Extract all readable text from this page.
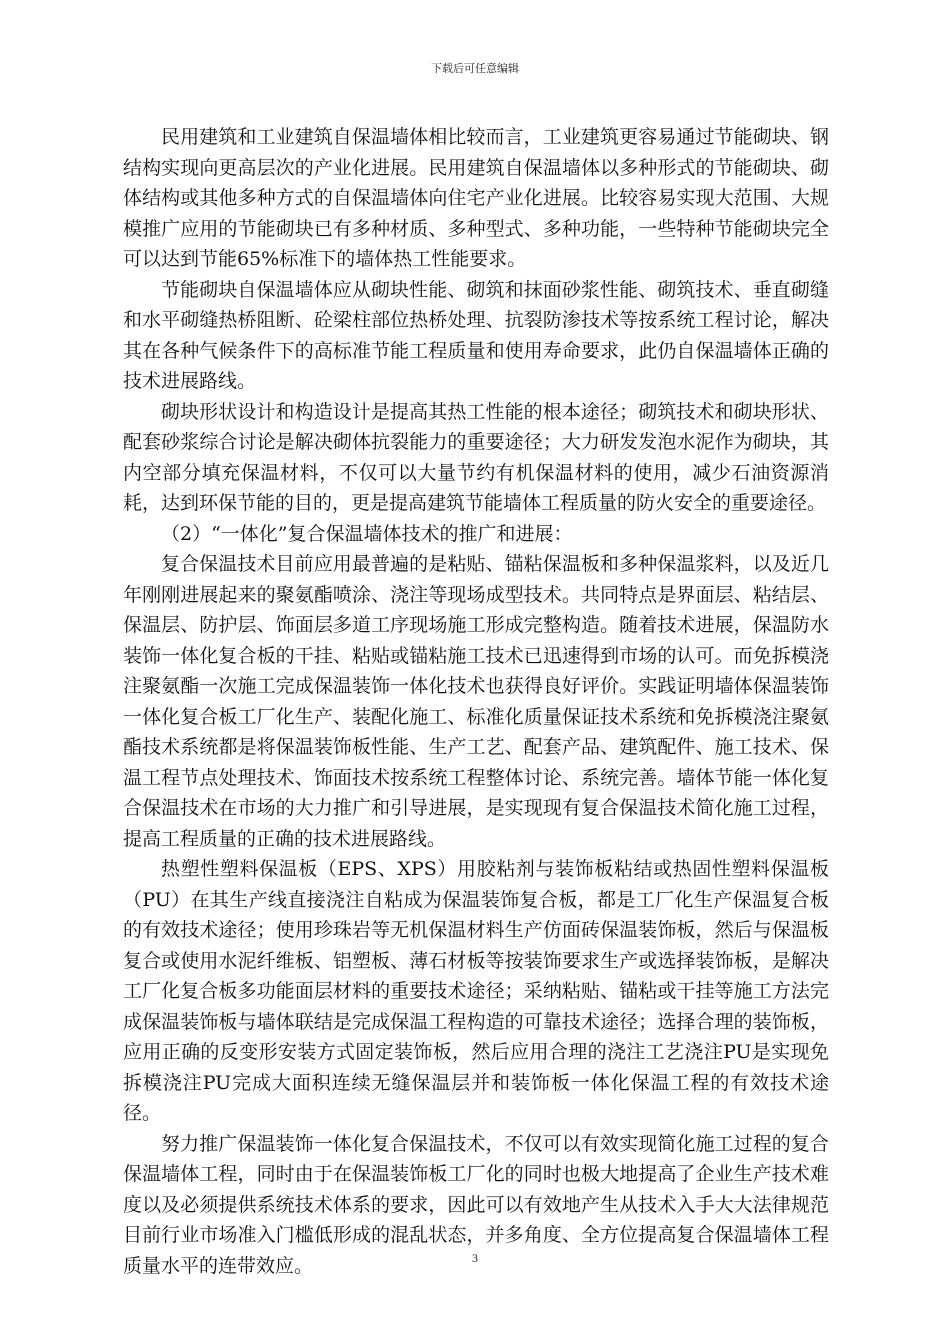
下载后可任意编辑

民用建筑和工业建筑自保温墙体相比较而言，工业建筑更容易通过节能砌块、钢结构实现向更高层次的产业化进展。民用建筑自保温墙体以多种形式的节能砌块、砌体结构或其他多种方式的自保温墙体向住宅产业化进展。比较容易实现大范围、大规模推广应用的节能砌块已有多种材质、多种型式、多种功能，一些特种节能砌块完全可以达到节能65%标准下的墙体热工性能要求。

节能砌块自保温墙体应从砌块性能、砌筑和抹面砂浆性能、砌筑技术、垂直砌缝和水平砌缝热桥阻断、砼梁柱部位热桥处理、抗裂防渗技术等按系统工程讨论，解决其在各种气候条件下的高标准节能工程质量和使用寿命要求，此仍自保温墙体正确的技术进展路线。

砌块形状设计和构造设计是提高其热工性能的根本途径；砌筑技术和砌块形状、配套砂浆综合讨论是解决砌体抗裂能力的重要途径；大力研发发泡水泥作为砌块，其内空部分填充保温材料，不仅可以大量节约有机保温材料的使用，减少石油资源消耗，达到环保节能的目的，更是提高建筑节能墙体工程质量的防火安全的重要途径。

（2）“一体化”复合保温墙体技术的推广和进展：

复合保温技术目前应用最普遍的是粘贴、锚粘保温板和多种保温浆料，以及近几年刚刚进展起来的聚氨酯喷涂、浇注等现场成型技术。共同特点是界面层、粘结层、保温层、防护层、饰面层多道工序现场施工形成完整构造。随着技术进展，保温防水装饰一体化复合板的干挂、粘贴或锚粘施工技术已迅速得到市场的认可。而免拆模浇注聚氨酯一次施工完成保温装饰一体化技术也获得良好评价。实践证明墙体保温装饰一体化复合板工厂化生产、装配化施工、标准化质量保证技术系统和免拆模浇注聚氨酯技术系统都是将保温装饰板性能、生产工艺、配套产品、建筑配件、施工技术、保温工程节点处理技术、饰面技术按系统工程整体讨论、系统完善。墙体节能一体化复合保温技术在市场的大力推广和引导进展，是实现现有复合保温技术简化施工过程，提高工程质量的正确的技术进展路线。

热塑性塑料保温板（EPS、XPS）用胶粘剂与装饰板粘结或热固性塑料保温板（PU）在其生产线直接浇注自粘成为保温装饰复合板，都是工厂化生产保温复合板的有效技术途径；使用珍珠岩等无机保温材料生产仿面砖保温装饰板，然后与保温板复合或使用水泥纤维板、铝塑板、薄石材板等按装饰要求生产或选择装饰板，是解决工厂化复合板多功能面层材料的重要技术途径；采纳粘贴、锚粘或干挂等施工方法完成保温装饰板与墙体联结是完成保温工程构造的可靠技术途径；选择合理的装饰板，应用正确的反变形安装方式固定装饰板，然后应用合理的浇注工艺浇注PU是实现免拆模浇注PU完成大面积连续无缝保温层并和装饰板一体化保温工程的有效技术途径。

努力推广保温装饰一体化复合保温技术，不仅可以有效实现简化施工过程的复合保温墙体工程，同时由于在保温装饰板工厂化的同时也极大地提高了企业生产技术难度以及必须提供系统技术体系的要求，因此可以有效地产生从技术入手大大法律规范目前行业市场准入门槛低形成的混乱状态，并多角度、全方位提高复合保温墙体工程质量水平的连带效应。	3
